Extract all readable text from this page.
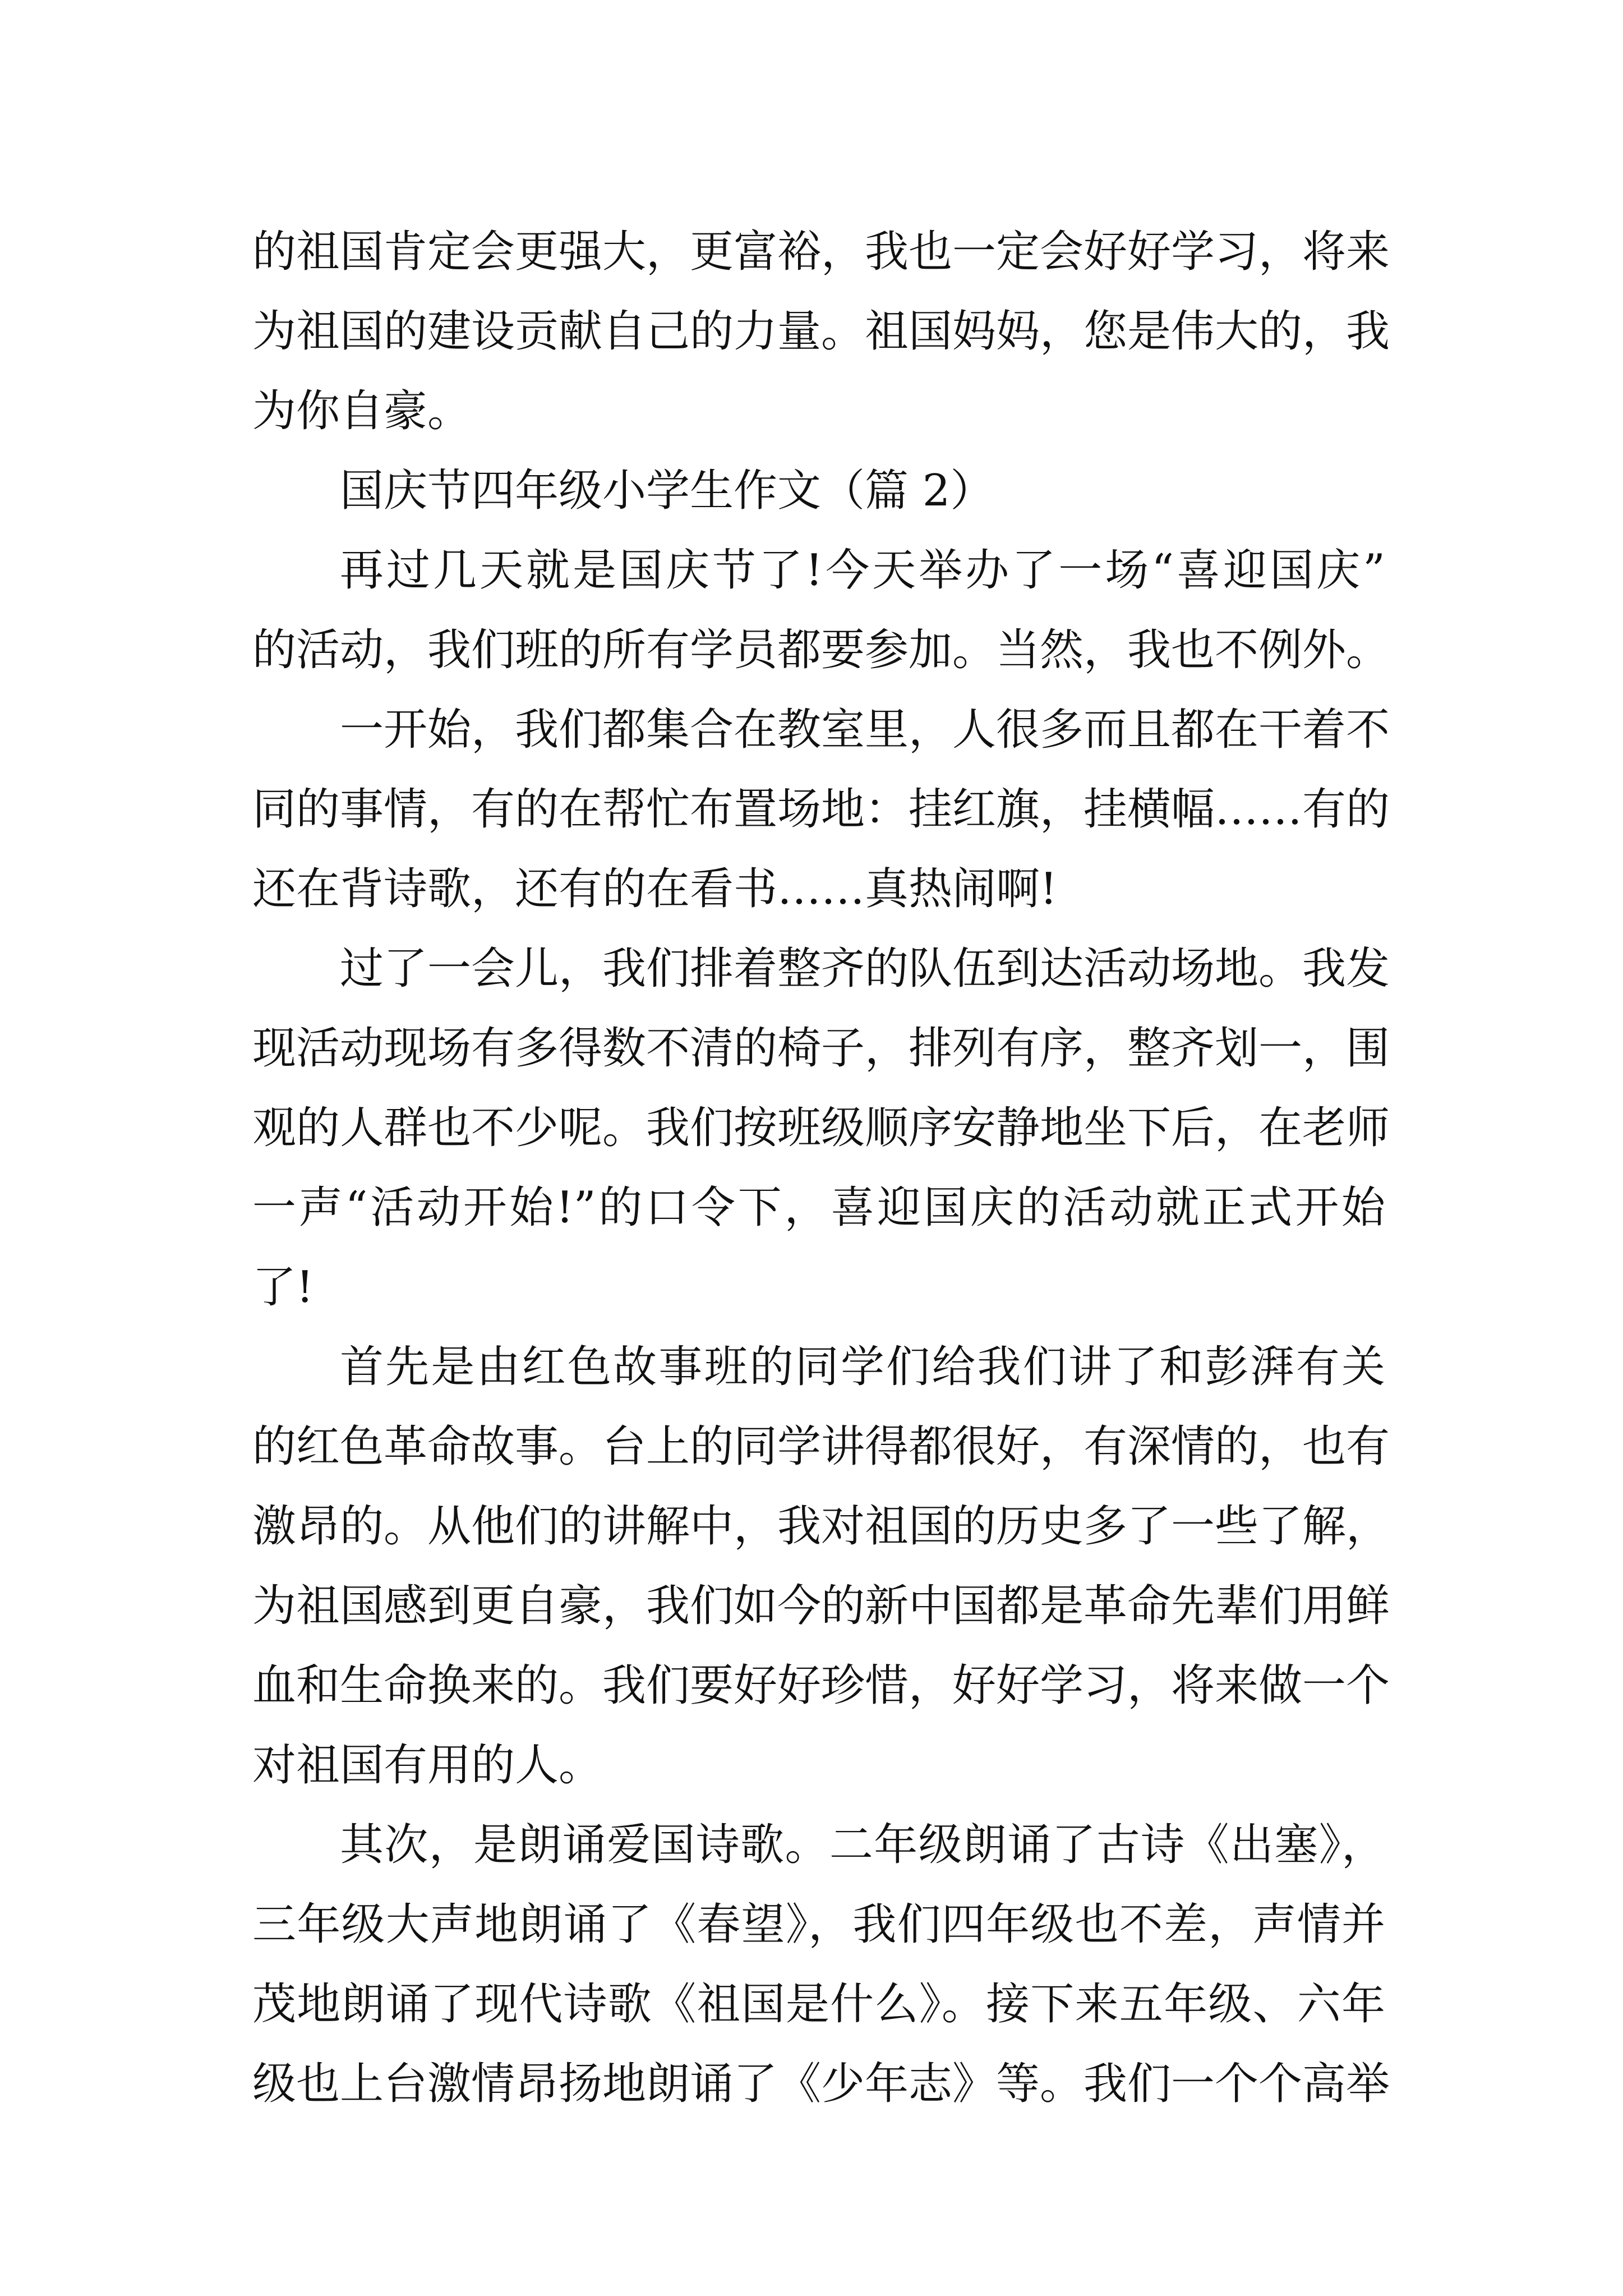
的祖国肯定会更强大，更富裕，我也一定会好好学习，将来
为祖国的建设贡献自己的力量。祖国妈妈，您是伟大的，我
为你自豪。
国庆节四年级小学生作文（篇 2）
再过几天就是国庆节了!今天举办了一场“喜迎国庆”
的活动，我们班的所有学员都要参加。当然，我也不例外。
一开始，我们都集合在教室里，人很多而且都在干着不
同的事情，有的在帮忙布置场地：挂红旗，挂横幅……有的
还在背诗歌，还有的在看书……真热闹啊!
过了一会儿，我们排着整齐的队伍到达活动场地。我发
现活动现场有多得数不清的椅子，排列有序，整齐划一，围
观的人群也不少呢。我们按班级顺序安静地坐下后，在老师
一声“活动开始!”的口令下，喜迎国庆的活动就正式开始
了!
首先是由红色故事班的同学们给我们讲了和彭湃有关
的红色革命故事。台上的同学讲得都很好，有深情的，也有
激昂的。从他们的讲解中，我对祖国的历史多了一些了解，
为祖国感到更自豪，我们如今的新中国都是革命先辈们用鲜
血和生命换来的。我们要好好珍惜，好好学习，将来做一个
对祖国有用的人。
其次，是朗诵爱国诗歌。二年级朗诵了古诗《出塞》，
三年级大声地朗诵了《春望》，我们四年级也不差，声情并
茂地朗诵了现代诗歌《祖国是什么》。接下来五年级、六年
级也上台激情昂扬地朗诵了《少年志》等。我们一个个高举
